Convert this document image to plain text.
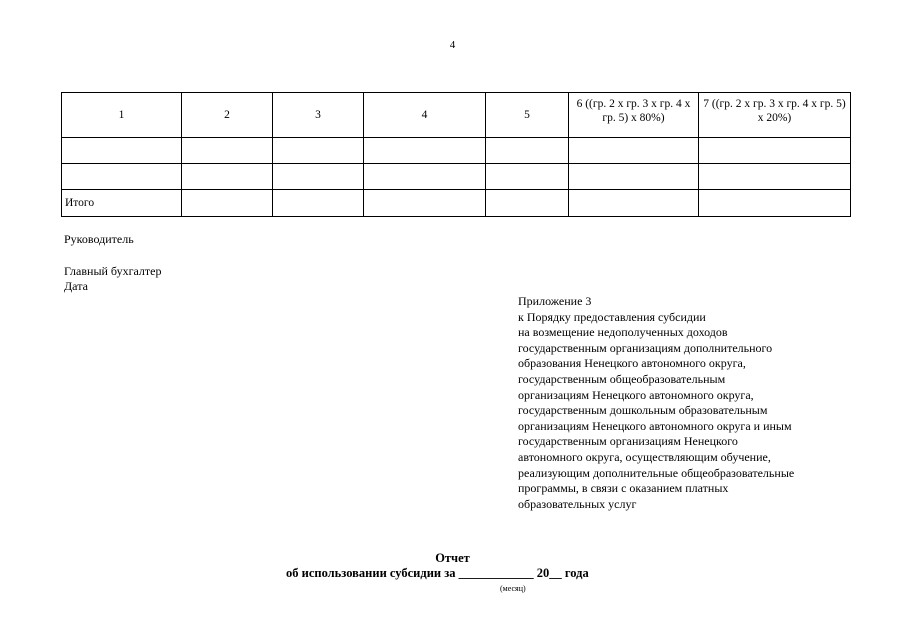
4
1	2	3	4	5	6 ((гр. 2 x гр. 3 x гр. 4 x гр. 5) x 80%)	7 ((гр. 2 x гр. 3 x гр. 4 x гр. 5) x 20%)

Итого						
Руководитель
Главный бухгалтер
Дата
Приложение 3
к Порядку предоставления субсидии
на возмещение недополученных доходов
государственным организациям дополнительного
образования Ненецкого автономного округа,
государственным общеобразовательным
организациям Ненецкого автономного округа,
государственным дошкольным образовательным
организациям Ненецкого автономного округа и иным
государственным организациям Ненецкого
автономного округа, осуществляющим обучение,
реализующим дополнительные общеобразовательные
программы, в связи с оказанием платных
образовательных услуг
Отчет
об использовании субсидии за ____________ 20__ года
(месяц)
